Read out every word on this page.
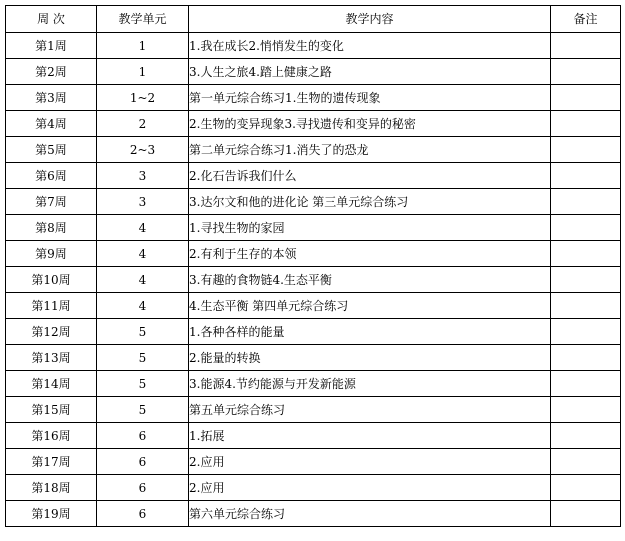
周 次	教学单元	教学内容	备注
第1周	1	1.我在成长2.悄悄发生的变化	
第2周	1	3.人生之旅4.踏上健康之路	
第3周	1~2	第一单元综合练习1.生物的遗传现象	
第4周	2	2.生物的变异现象3.寻找遗传和变异的秘密	
第5周	2~3	第二单元综合练习1.消失了的恐龙	
第6周	3	2.化石告诉我们什么	
第7周	3	3.达尔文和他的进化论 第三单元综合练习	
第8周	4	1.寻找生物的家园	
第9周	4	2.有利于生存的本领	
第10周	4	3.有趣的食物链4.生态平衡	
第11周	4	4.生态平衡 第四单元综合练习	
第12周	5	1.各种各样的能量	
第13周	5	2.能量的转换	
第14周	5	3.能源4.节约能源与开发新能源	
第15周	5	第五单元综合练习	
第16周	6	1.拓展	
第17周	6	2.应用	
第18周	6	2.应用	
第19周	6	第六单元综合练习	
